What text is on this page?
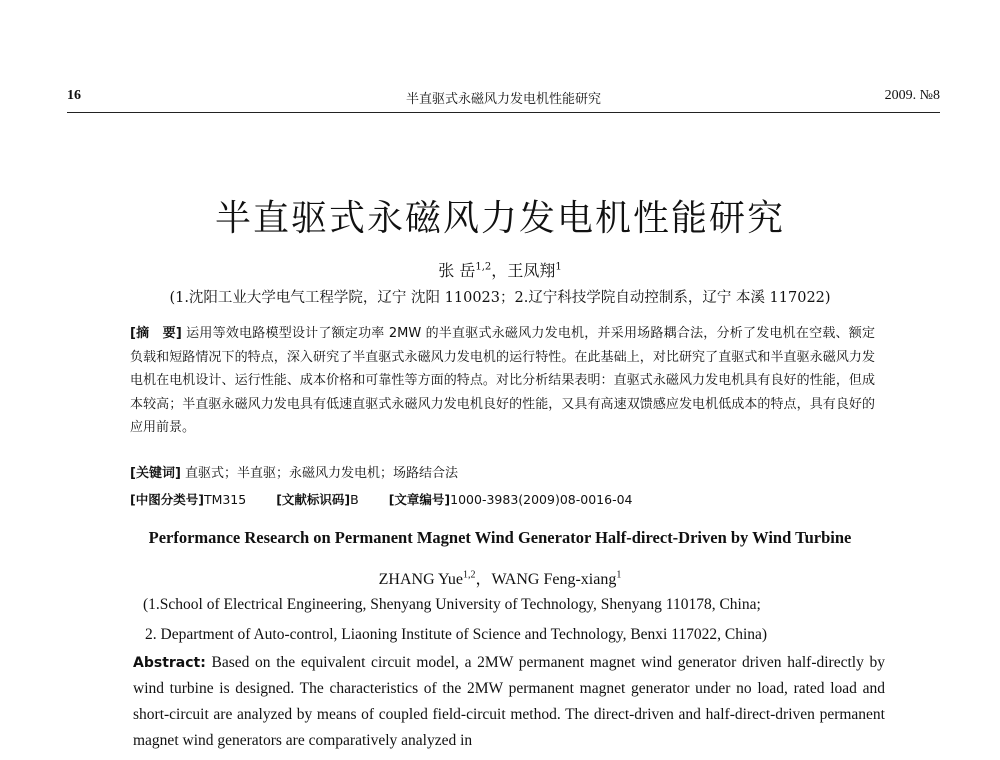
16	半直驱式永磁风力发电机性能研究	2009. №8
半直驱式永磁风力发电机性能研究
张 岳$^{1,2}$，王凤翔$^1$
(1.沈阳工业大学电气工程学院，辽宁 沈阳 110023；2.辽宁科技学院自动控制系，辽宁 本溪 117022)
[摘　要] 运用等效电路模型设计了额定功率 2MW 的半直驱式永磁风力发电机，并采用场路耦合法，分析了发电机在空载、额定负载和短路情况下的特点，深入研究了半直驱式永磁风力发电机的运行特性。在此基础上，对比研究了直驱式和半直驱永磁风力发电机在电机设计、运行性能、成本价格和可靠性等方面的特点。对比分析结果表明：直驱式永磁风力发电机具有良好的性能，但成本较高；半直驱永磁风力发电具有低速直驱式永磁风力发电机良好的性能，又具有高速双馈感应发电机低成本的特点，具有良好的应用前景。
[关键词] 直驱式；半直驱；永磁风力发电机；场路结合法
[中图分类号]TM315 [文献标识码]B [文章编号]1000-3983(2009)08-0016-04
Performance Research on Permanent Magnet Wind Generator Half-direct-Driven by Wind Turbine
ZHANG Yue$^{1,2}$，WANG Feng-xiang$^1$
(1.School of Electrical Engineering, Shenyang University of Technology, Shenyang 110178, China;
2. Department of Auto-control, Liaoning Institute of Science and Technology, Benxi 117022, China)
Abstract: Based on the equivalent circuit model, a 2MW permanent magnet wind generator driven half-directly by wind turbine is designed. The characteristics of the 2MW permanent magnet generator under no load, rated load and short-circuit are analyzed by means of coupled field-circuit method. The direct-driven and half-direct-driven permanent magnet wind generators are comparatively analyzed in
